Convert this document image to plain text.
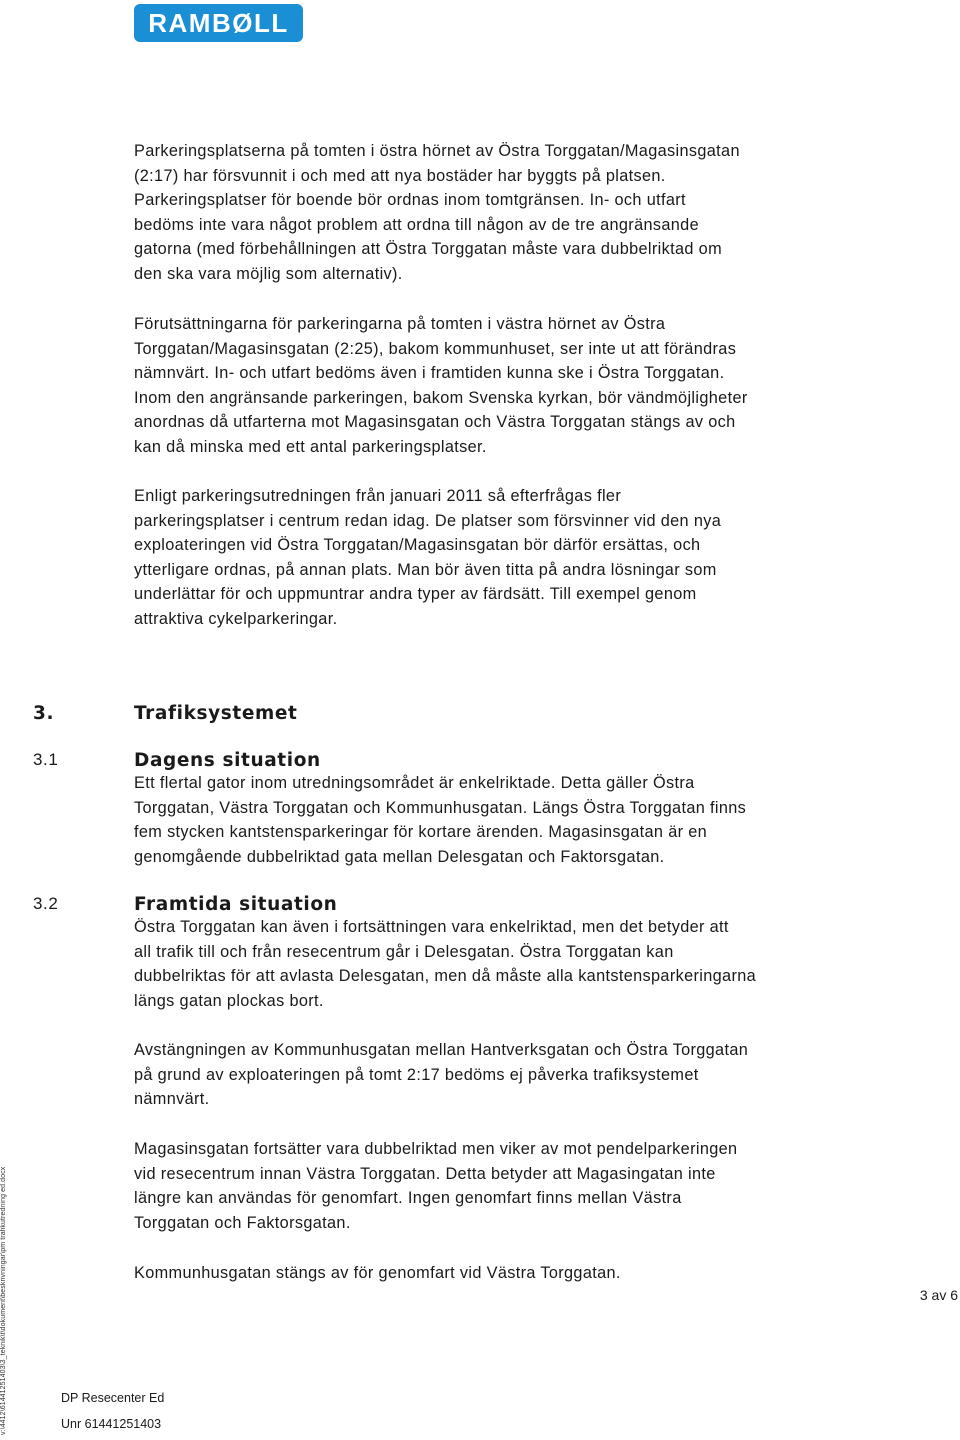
RAMBØLL
Parkeringsplatserna på tomten i östra hörnet av Östra Torggatan/Magasinsgatan
(2:17) har försvunnit i och med att nya bostäder har byggts på platsen.
Parkeringsplatser för boende bör ordnas inom tomtgränsen. In- och utfart
bedöms inte vara något problem att ordna till någon av de tre angränsande
gatorna (med förbehållningen att Östra Torggatan måste vara dubbelriktad om
den ska vara möjlig som alternativ).
Förutsättningarna för parkeringarna på tomten i västra hörnet av Östra
Torggatan/Magasinsgatan (2:25), bakom kommunhuset, ser inte ut att förändras
nämnvärt. In- och utfart bedöms även i framtiden kunna ske i Östra Torggatan.
Inom den angränsande parkeringen, bakom Svenska kyrkan, bör vändmöjligheter
anordnas då utfarterna mot Magasinsgatan och Västra Torggatan stängs av och
kan då minska med ett antal parkeringsplatser.
Enligt parkeringsutredningen från januari 2011 så efterfrågas fler
parkeringsplatser i centrum redan idag. De platser som försvinner vid den nya
exploateringen vid Östra Torggatan/Magasinsgatan bör därför ersättas, och
ytterligare ordnas, på annan plats. Man bör även titta på andra lösningar som
underlättar för och uppmuntrar andra typer av färdsätt. Till exempel genom
attraktiva cykelparkeringar.
3.	Trafiksystemet
3.1	Dagens situation
Ett flertal gator inom utredningsområdet är enkelriktade. Detta gäller Östra
Torggatan, Västra Torggatan och Kommunhusgatan. Längs Östra Torggatan finns
fem stycken kantstensparkeringar för kortare ärenden. Magasinsgatan är en
genomgående dubbelriktad gata mellan Delesgatan och Faktorsgatan.
3.2	Framtida situation
Östra Torggatan kan även i fortsättningen vara enkelriktad, men det betyder att
all trafik till och från resecentrum går i Delesgatan. Östra Torggatan kan
dubbelriktas för att avlasta Delesgatan, men då måste alla kantstensparkeringarna
längs gatan plockas bort.
Avstängningen av Kommunhusgatan mellan Hantverksgatan och Östra Torggatan
på grund av exploateringen på tomt 2:17 bedöms ej påverka trafiksystemet
nämnvärt.
Magasinsgatan fortsätter vara dubbelriktad men viker av mot pendelparkeringen
vid resecentrum innan Västra Torggatan. Detta betyder att Magasingatan inte
längre kan användas för genomfart. Ingen genomfart finns mellan Västra
Torggatan och Faktorsgatan.
Kommunhusgatan stängs av för genomfart vid Västra Torggatan.
v:\4412\61441251403\3_teknik\t\dokument\beskrivningar\pm trafikutredning ed.docx	3 av 6
DP Resecenter Ed
Unr 61441251403
